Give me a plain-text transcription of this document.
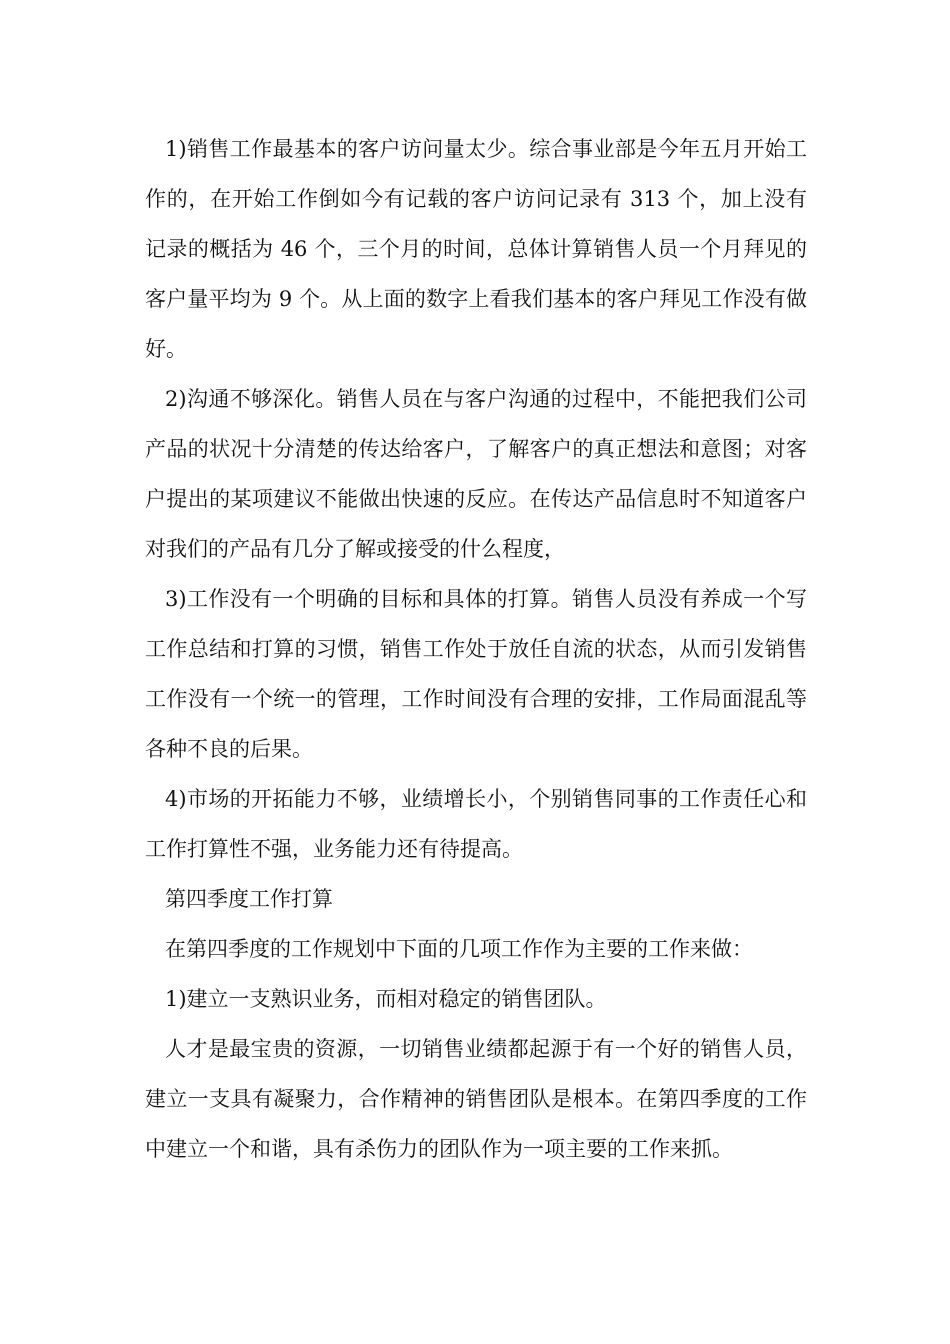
1)销售工作最基本的客户访问量太少。综合事业部是今年五月开始工作的，在开始工作倒如今有记载的客户访问记录有 313 个，加上没有记录的概括为 46 个，三个月的时间，总体计算销售人员一个月拜见的客户量平均为 9 个。从上面的数字上看我们基本的客户拜见工作没有做好。

2)沟通不够深化。销售人员在与客户沟通的过程中，不能把我们公司产品的状况十分清楚的传达给客户，了解客户的真正想法和意图；对客户提出的某项建议不能做出快速的反应。在传达产品信息时不知道客户对我们的产品有几分了解或接受的什么程度，

3)工作没有一个明确的目标和具体的打算。销售人员没有养成一个写工作总结和打算的习惯，销售工作处于放任自流的状态，从而引发销售工作没有一个统一的管理，工作时间没有合理的安排，工作局面混乱等各种不良的后果。

4)市场的开拓能力不够，业绩增长小，个别销售同事的工作责任心和工作打算性不强，业务能力还有待提高。

第四季度工作打算

在第四季度的工作规划中下面的几项工作作为主要的工作来做：

1)建立一支熟识业务，而相对稳定的销售团队。

人才是最宝贵的资源，一切销售业绩都起源于有一个好的销售人员，建立一支具有凝聚力，合作精神的销售团队是根本。在第四季度的工作中建立一个和谐，具有杀伤力的团队作为一项主要的工作来抓。
